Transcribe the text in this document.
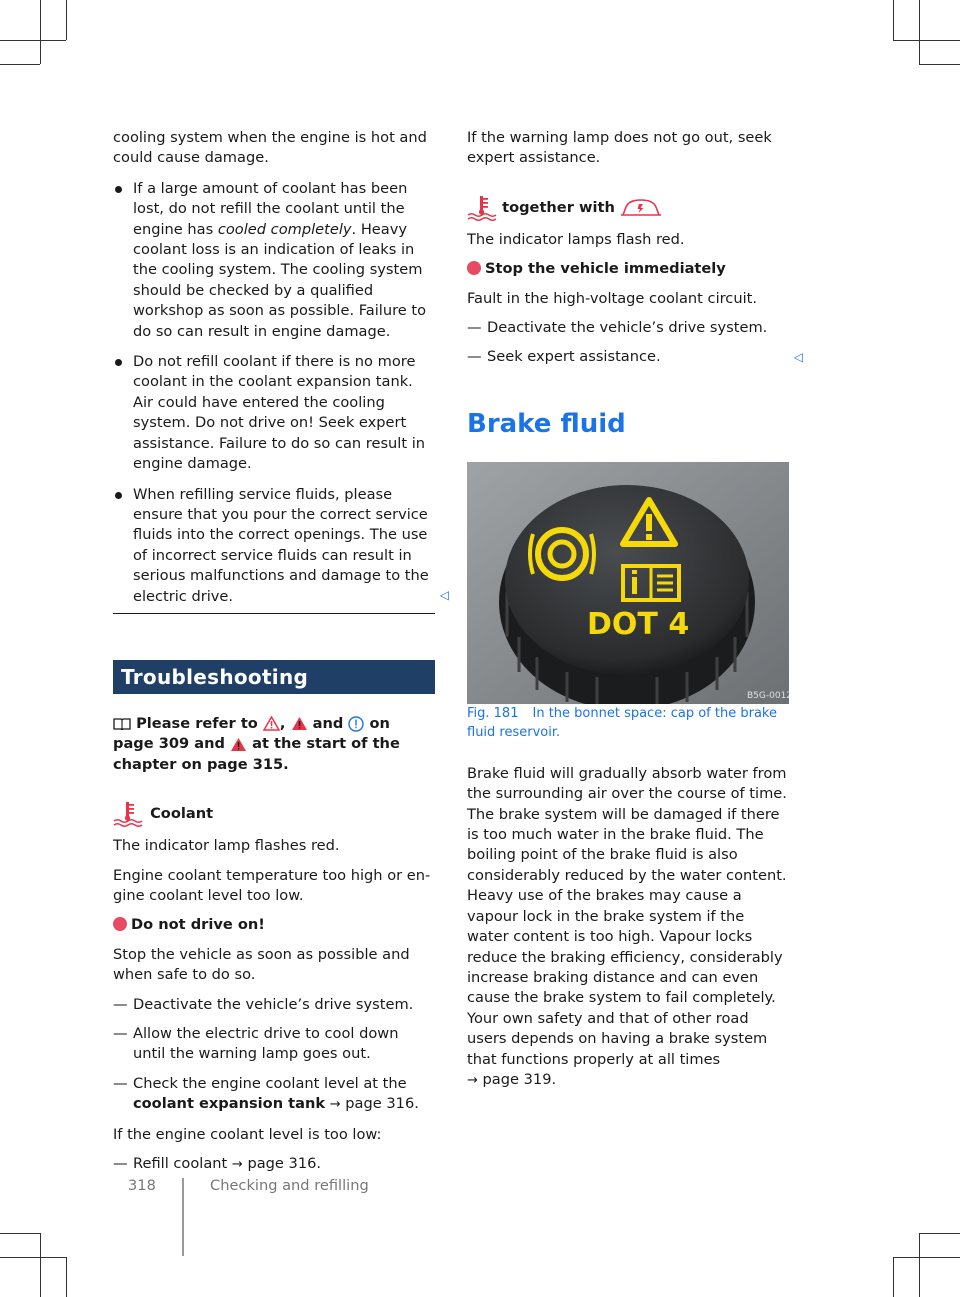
cooling system when the engine is hot and could cause damage.

If a large amount of coolant has been lost, do not refill the coolant until the engine has cooled completely. Heavy coolant loss is an indication of leaks in the cooling system. The cooling system should be checked by a qualified workshop as soon as possible. Failure to do so can result in engine damage.
Do not refill coolant if there is no more coolant in the coolant expansion tank. Air could have entered the cooling system. Do not drive on! Seek expert assistance. Failure to do so can result in engine damage.
When refilling service fluids, please ensure that you pour the correct service fluids into the correct openings. The use of incorrect service fluids can result in serious malfunctions and damage to the electric drive.	◁
Troubleshooting

Please refer to ,  and  on page 309 and  at the start of the chapter on page 315.

Coolant

The indicator lamp flashes red.

Engine coolant temperature too high or engine coolant level too low.

Do not drive on!

Stop the vehicle as soon as possible and when safe to do so.

— Deactivate the vehicle’s drive system.
— Allow the electric drive to cool down until the warning lamp goes out.
— Check the engine coolant level at the coolant expansion tank → page 316.

If the engine coolant level is too low:

— Refill coolant → page 316.

If the warning lamp does not go out, seek expert assistance.

together with

The indicator lamps flash red.

Stop the vehicle immediately

Fault in the high-voltage coolant circuit.

— Deactivate the vehicle’s drive system.
— Seek expert assistance.	◁
Brake fluid
DOT 4
B5G-0012

Fig. 181 In the bonnet space: cap of the brake fluid reservoir.

Brake fluid will gradually absorb water from the surrounding air over the course of time. The brake system will be damaged if there is too much water in the brake fluid. The boiling point of the brake fluid is also considerably reduced by the water content. Heavy use of the brakes may cause a vapour lock in the brake system if the water content is too high. Vapour locks reduce the braking efficiency, considerably increase braking distance and can even cause the brake system to fail completely. Your own safety and that of other road users depends on having a brake system that functions properly at all times
→ page 319.

318	Checking and refilling
